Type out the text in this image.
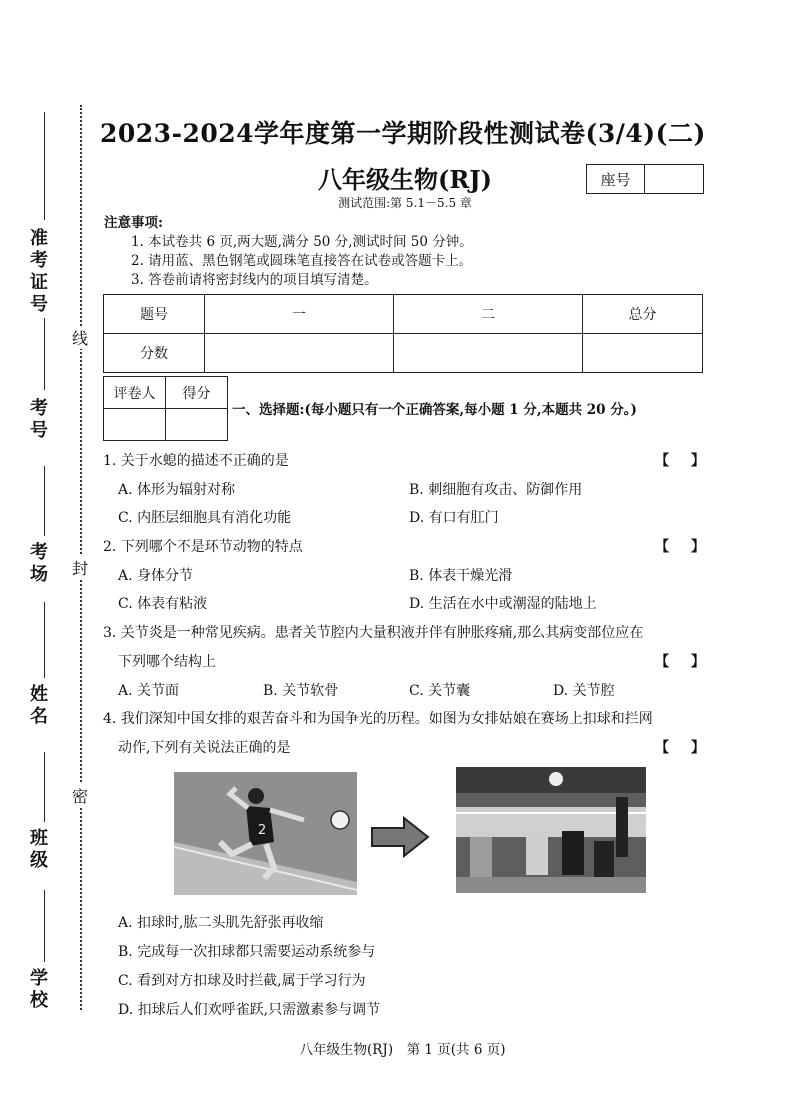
准考证号
考号
考场
姓名
班级
学校
线
封
密
2023-2024学年度第一学期阶段性测试卷(3/4)(二)
八年级生物(RJ)	座号
测试范围:第 5.1－5.5 章
注意事项:
1. 本试卷共 6 页,两大题,满分 50 分,测试时间 50 分钟。
2. 请用蓝、黑色钢笔或圆珠笔直接答在试卷或答题卡上。
3. 答卷前请将密封线内的项目填写清楚。
题号	一	二	总分
分数			
评卷人	得分

一、选择题:(每小题只有一个正确答案,每小题 1 分,本题共 20 分。)
1. 关于水螅的描述不正确的是	【】
A. 体形为辐射对称	B. 刺细胞有攻击、防御作用
C. 内胚层细胞具有消化功能	D. 有口有肛门
2. 下列哪个不是环节动物的特点	【】
A. 身体分节	B. 体表干燥光滑
C. 体表有粘液	D. 生活在水中或潮湿的陆地上
3. 关节炎是一种常见疾病。患者关节腔内大量积液并伴有肿胀疼痛,那么其病变部位应在
下列哪个结构上	【】
A. 关节面	B. 关节软骨	C. 关节囊	D. 关节腔
4. 我们深知中国女排的艰苦奋斗和为国争光的历程。如图为女排姑娘在赛场上扣球和拦网
动作,下列有关说法正确的是	【】
2
A. 扣球时,肱二头肌先舒张再收缩
B. 完成每一次扣球都只需要运动系统参与
C. 看到对方扣球及时拦截,属于学习行为
D. 扣球后人们欢呼雀跃,只需激素参与调节
八年级生物(RJ)　第 1 页(共 6 页)
